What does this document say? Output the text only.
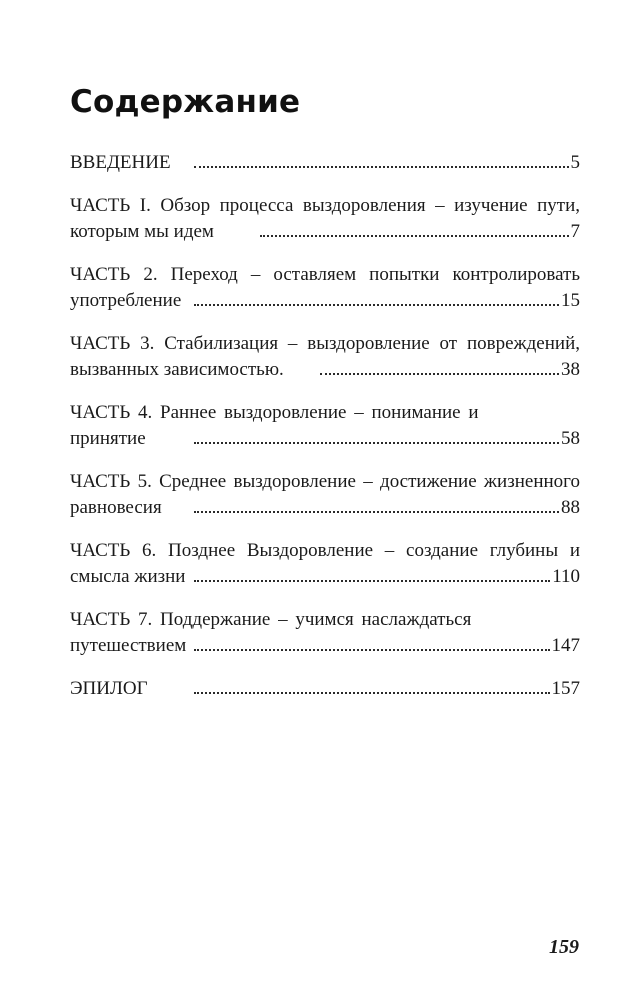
Содержание
ВВЕДЕНИЕ	5
ЧАСТЬ I. Обзор процесса выздоровления – изучение пути,
которым мы идем	7
ЧАСТЬ 2. Переход – оставляем попытки контролировать
употребление	15
ЧАСТЬ 3. Стабилизация – выздоровление от повреждений,
вызванных зависимостью.	38
ЧАСТЬ 4. Раннее выздоровление – понимание и
принятие	58
ЧАСТЬ 5. Среднее выздоровление – достижение жизненного
равновесия	88
ЧАСТЬ 6. Позднее Выздоровление – создание глубины и
смысла жизни	110
ЧАСТЬ 7. Поддержание – учимся наслаждаться
путешествием	147
ЭПИЛОГ	157
159
